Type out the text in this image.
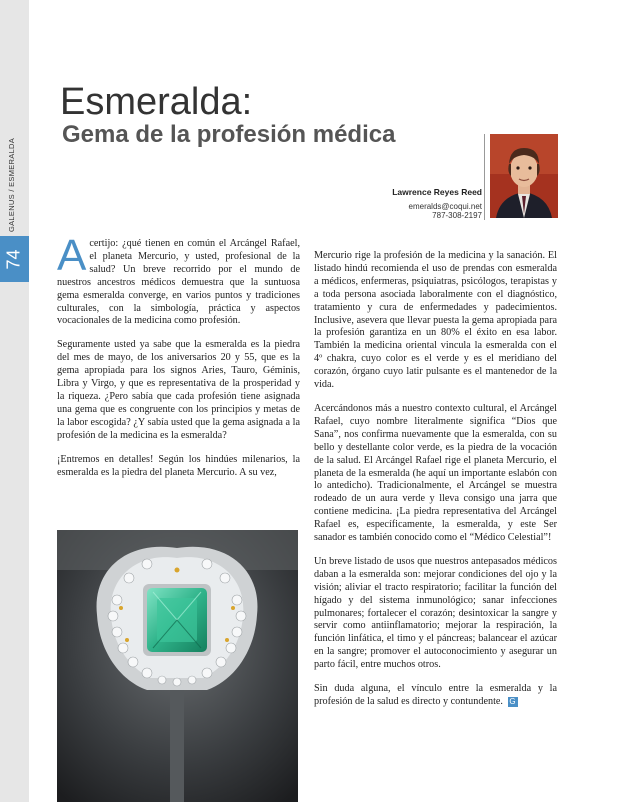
GALENUS / ESMERALDA
74
Esmeralda:
Gema de la profesión médica
Lawrence Reyes Reed
emeralds@coqui.net
787-308-2197

Acertijo: ¿qué tienen en común el Arcángel Rafael, el planeta Mercurio, y usted, profesional de la salud? Un breve recorrido por el mundo de nuestros ancestros médicos demuestra que la suntuosa gema esmeralda converge, en varios puntos y tradiciones culturales, con la simbología, práctica y aspectos vocacionales de la medicina como profesión.

Seguramente usted ya sabe que la esmeralda es la piedra del mes de mayo, de los aniversarios 20 y 55, que es la gema apropiada para los signos Aries, Tauro, Géminis, Libra y Virgo, y que es representativa de la prosperidad y la riqueza. ¿Pero sabía que cada profesión tiene asignada una gema que es congruente con los principios y metas de la labor escogida? ¿Y sabía usted que la gema asignada a la profesión de la medicina es la esmeralda?

¡Entremos en detalles! Según los hindúes milenarios, la esmeralda es la piedra del planeta Mercurio. A su vez,

Mercurio rige la profesión de la medicina y la sanación. El listado hindú recomienda el uso de prendas con esmeralda a médicos, enfermeras, psiquiatras, psicólogos, terapistas y a toda persona asociada laboralmente con el diagnóstico, tratamiento y cura de enfermedades y padecimientos. Inclusive, asevera que llevar puesta la gema apropiada para la profesión garantiza en un 80% el éxito en esa labor. También la medicina oriental vincula la esmeralda con el 4º chakra, cuyo color es el verde y es el meridiano del corazón, órgano cuyo latir pulsante es el mantenedor de la vida.

Acercándonos más a nuestro contexto cultural, el Arcángel Rafael, cuyo nombre literalmente significa “Dios que Sana”, nos confirma nuevamente que la esmeralda, con su bello y destellante color verde, es la piedra de la vocación de la salud. El Arcángel Rafael rige el planeta Mercurio, el planeta de la esmeralda (he aquí un importante eslabón con lo antedicho). Tradicionalmente, el Arcángel se muestra rodeado de un aura verde y lleva consigo una jarra que contiene medicina. ¡La piedra representativa del Arcángel Rafael es, específicamente, la esmeralda, y este Ser sanador es también conocido como el “Médico Celestial”!

Un breve listado de usos que nuestros antepasados médicos daban a la esmeralda son: mejorar condiciones del ojo y la visión; aliviar el tracto respiratorio; facilitar la función del hígado y del sistema inmunológico; sanar infecciones pulmonares; fortalecer el corazón; desintoxicar la sangre y servir como antiinflamatorio; mejorar la respiración, la función linfática, el timo y el páncreas; balancear el azúcar en la sangre; promover el autoconocimiento y asegurar un parto fácil, entre muchos otros.

Sin duda alguna, el vínculo entre la esmeralda y la profesión de la salud es directo y contundente. G
